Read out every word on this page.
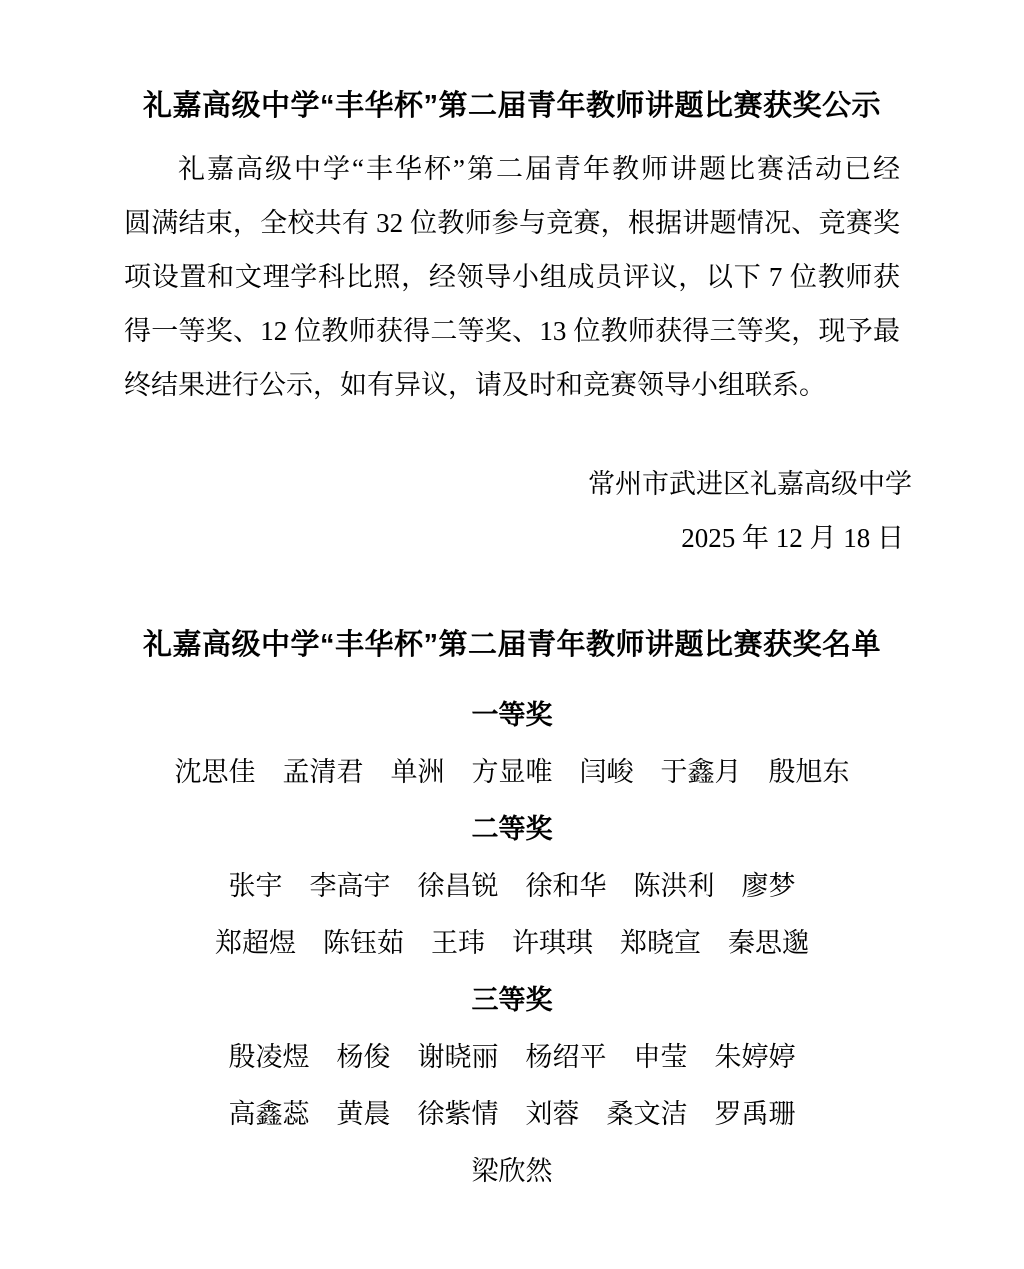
礼嘉高级中学“丰华杯”第二届青年教师讲题比赛获奖公示
礼嘉高级中学“丰华杯”第二届青年教师讲题比赛活动已经
圆满结束，全校共有 32 位教师参与竞赛，根据讲题情况、竞赛奖
项设置和文理学科比照，经领导小组成员评议，以下 7 位教师获
得一等奖、12 位教师获得二等奖、13 位教师获得三等奖，现予最
终结果进行公示，如有异议，请及时和竞赛领导小组联系。
常州市武进区礼嘉高级中学
2025 年 12 月 18 日
礼嘉高级中学“丰华杯”第二届青年教师讲题比赛获奖名单
一等奖
沈思佳　孟清君　单洲　方显唯　闫峻　于鑫月　殷旭东
二等奖
张宇　李高宇　徐昌锐　徐和华　陈洪利　廖梦
郑超煜　陈钰茹　王玮　许琪琪　郑晓宣　秦思邈
三等奖
殷凌煜　杨俊　谢晓丽　杨绍平　申莹　朱婷婷
高鑫蕊　黄晨　徐紫情　刘蓉　桑文洁　罗禹珊
梁欣然
